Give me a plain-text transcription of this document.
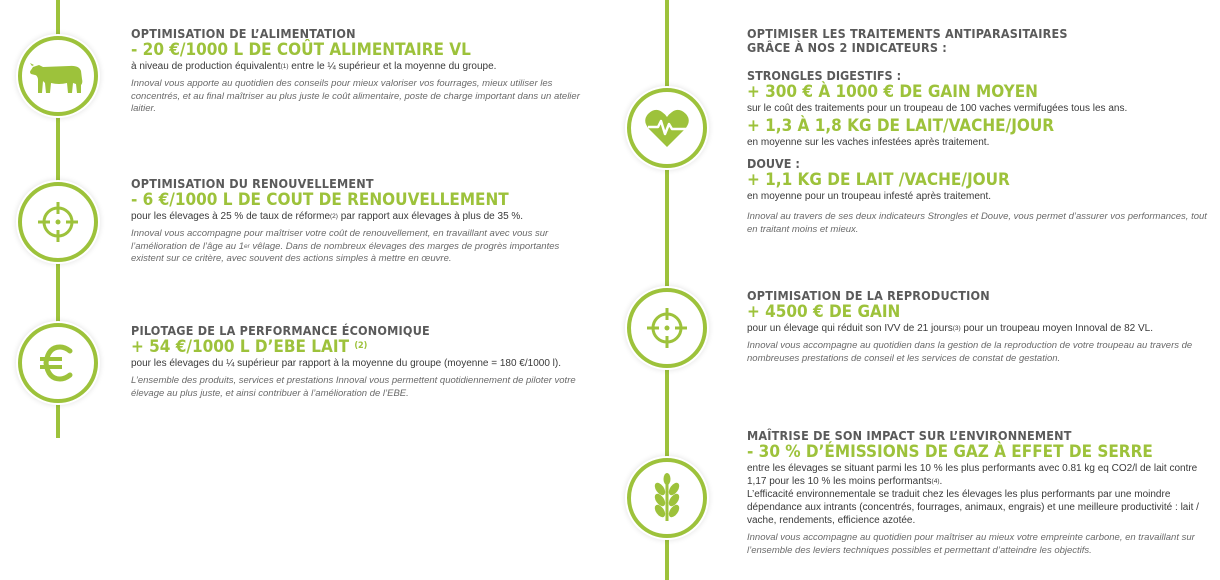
OPTIMISATION DE L’ALIMENTATION
- 20 €/1000 L DE COÛT ALIMENTAIRE VL
à niveau de production équivalent$^{(1)}$ entre le ¼ supérieur et la moyenne du groupe.
Innoval vous apporte au quotidien des conseils pour mieux valoriser vos fourrages, mieux utiliser les concentrés, et au final maîtriser au plus juste le coût alimentaire, poste de charge important dans un atelier laitier.
OPTIMISATION DU RENOUVELLEMENT
- 6 €/1000 L DE COUT DE RENOUVELLEMENT
pour les élevages à 25 % de taux de réforme$^{(2)}$ par rapport aux élevages à plus de 35 %.
Innoval vous accompagne pour maîtriser votre coût de renouvellement, en travaillant avec vous sur l’amélioration de l’âge au 1er vêlage. Dans de nombreux élevages des marges de progrès importantes existent sur ce critère, avec souvent des actions simples à mettre en œuvre.
PILOTAGE DE LA PERFORMANCE ÉCONOMIQUE
+ 54 €/1000 L D’EBE LAIT $^{(2)}$
pour les élevages du ¼ supérieur par rapport à la moyenne du groupe (moyenne = 180 €/1000 l).
L’ensemble des produits, services et prestations Innoval vous permettent quotidiennement de piloter votre élevage au plus juste, et ainsi contribuer à l’amélioration de l’EBE.
OPTIMISER LES TRAITEMENTS ANTIPARASITAIRES
GRÂCE À NOS 2 INDICATEURS :
STRONGLES DIGESTIFS :
+ 300 € À 1000 € DE GAIN MOYEN
sur le coût des traitements pour un troupeau de 100 vaches vermifugées tous les ans.
+ 1,3 À 1,8 KG DE LAIT/VACHE/JOUR
en moyenne sur les vaches infestées après traitement.
DOUVE :
+ 1,1 KG DE LAIT /VACHE/JOUR
en moyenne pour un troupeau infesté après traitement.
Innoval au travers de ses deux indicateurs Strongles et Douve, vous permet d’assurer vos performances, tout en traitant moins et mieux.
OPTIMISATION DE LA REPRODUCTION
+ 4500 € DE GAIN
pour un élevage qui réduit son IVV de 21 jours$^{(3)}$ pour un troupeau moyen Innoval de 82 VL.
Innoval vous accompagne au quotidien dans la gestion de la reproduction de votre troupeau au travers de nombreuses prestations de conseil et les services de constat de gestation.
MAÎTRISE DE SON IMPACT SUR L’ENVIRONNEMENT
- 30 % D’ÉMISSIONS DE GAZ À EFFET DE SERRE
entre les élevages se situant parmi les 10 % les plus performants avec 0.81 kg eq CO2/l de lait contre 1,17 pour les 10 % les moins performants$^{(4)}$.
L’efficacité environnementale se traduit chez les élevages les plus performants par une moindre dépendance aux intrants (concentrés, fourrages, animaux, engrais) et une meilleure productivité : lait / vache, rendements, efficience azotée.
Innoval vous accompagne au quotidien pour maîtriser au mieux votre empreinte carbone, en travaillant sur l’ensemble des leviers techniques possibles et permettant d’atteindre les objectifs.
